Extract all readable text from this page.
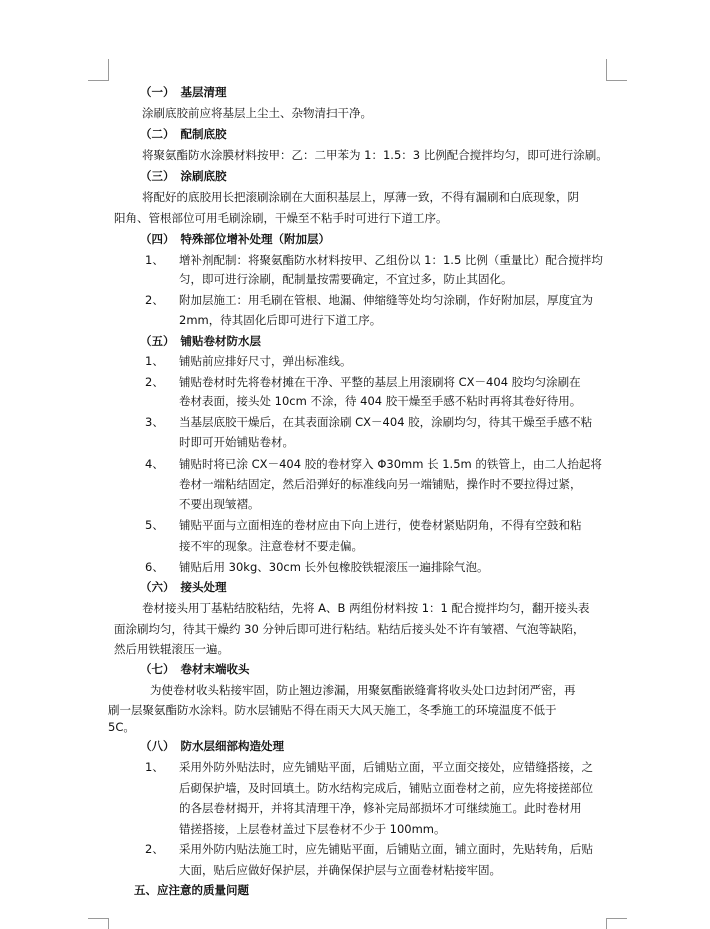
（一） 基层清理
涂刷底胶前应将基层上尘土、杂物清扫干净。
（二） 配制底胶
将聚氨酯防水涂膜材料按甲：乙：二甲苯为 1：1.5：3 比例配合搅拌均匀，即可进行涂刷。
（三） 涂刷底胶
将配好的底胶用长把滚刷涂刷在大面积基层上，厚薄一致，不得有漏刷和白底现象，阴
阳角、管根部位可用毛刷涂刷，干燥至不粘手时可进行下道工序。
（四） 特殊部位增补处理（附加层）
1、 增补剂配制：将聚氨酯防水材料按甲、乙组份以 1：1.5 比例（重量比）配合搅拌均
匀，即可进行涂刷，配制量按需要确定，不宜过多，防止其固化。
2、 附加层施工：用毛刷在管根、地漏、伸缩缝等处均匀涂刷，作好附加层，厚度宜为
2mm，待其固化后即可进行下道工序。
（五） 铺贴卷材防水层
1、 铺贴前应排好尺寸，弹出标准线。
2、 铺贴卷材时先将卷材摊在干净、平整的基层上用滚刷将 CX－404 胶均匀涂刷在
卷材表面，接头处 10cm 不涂，待 404 胶干燥至手感不粘时再将其卷好待用。
3、 当基层底胶干燥后，在其表面涂刷 CX－404 胶，涂刷均匀，待其干燥至手感不粘
时即可开始铺贴卷材。
4、 铺贴时将已涂 CX－404 胶的卷材穿入 Φ30mm 长 1.5m 的铁管上，由二人抬起将
卷材一端粘结固定，然后沿弹好的标准线向另一端铺贴，操作时不要拉得过紧，
不要出现皱褶。
5、 铺贴平面与立面相连的卷材应由下向上进行，使卷材紧贴阴角，不得有空鼓和粘
接不牢的现象。注意卷材不要走偏。
6、 铺贴后用 30kg、30cm 长外包橡胶铁辊滚压一遍排除气泡。
（六） 接头处理
卷材接头用丁基粘结胶粘结，先将 A、B 两组份材料按 1：1 配合搅拌均匀，翻开接头表
面涂刷均匀，待其干燥约 30 分钟后即可进行粘结。粘结后接头处不许有皱褶、气泡等缺陷，
然后用铁辊滚压一遍。
（七） 卷材末端收头
为使卷材收头粘接牢固，防止翘边渗漏，用聚氨酯嵌缝膏将收头处口边封闭严密，再
刷一层聚氨酯防水涂料。防水层铺贴不得在雨天大风天施工，冬季施工的环境温度不低于
5C。
（八） 防水层细部构造处理
1、 采用外防外贴法时，应先铺贴平面，后铺贴立面，平立面交接处，应错缝搭接，之
后砌保护墙，及时回填土。防水结构完成后，铺贴立面卷材之前，应先将接搓部位
的各层卷材揭开，并将其清理干净，修补完局部损坏才可继续施工。此时卷材用
错搓搭接，上层卷材盖过下层卷材不少于 100mm。
2、 采用外防内贴法施工时，应先铺贴平面，后铺贴立面，铺立面时，先贴转角，后贴
大面，贴后应做好保护层，并确保保护层与立面卷材粘接牢固。
五、应注意的质量问题
